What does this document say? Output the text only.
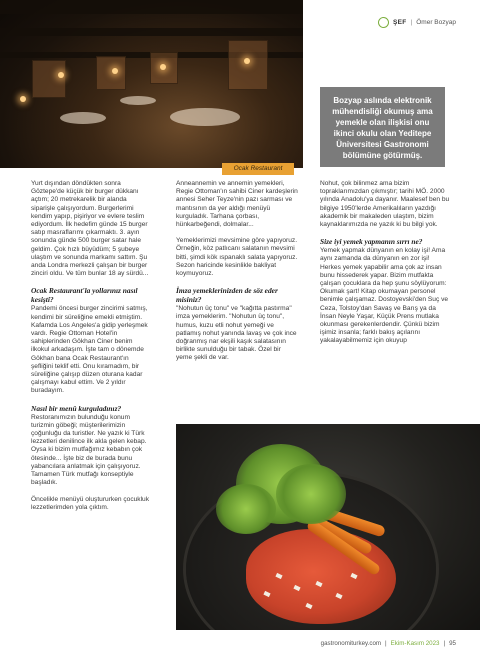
Ocak Restaurant
ŞEF | Ömer Bozyap
Bozyap aslında elektronik mühendisliği okumuş ama yemekle olan ilişkisi onu ikinci okulu olan Yeditepe Üniversitesi Gastronomi bölümüne götürmüş.

Yurt dışından döndükten sonra Göztepe'de küçük bir burger dükkanı açtım; 20 metrekarelik bir alanda siparişle çalışıyordum. Burgerlerimi kendim yapıp, pişiriyor ve evlere teslim ediyordum. İlk hedefim günde 15 burger satıp masraflarımı çıkarmaktı. 3. ayın sonunda günde 500 burger satar hale geldim. Çok hızlı büyüdüm; 5 şubeye ulaştım ve sonunda markamı sattım. Şu anda Londra merkezli çalışan bir burger zinciri oldu. Ve tüm bunlar 18 ay sürdü...

Ocak Restaurant'la yollarınız nasıl kesişti?

Pandemi öncesi burger zincirimi satmış, kendimi bir süreliğine emekli etmiştim. Kafamda Los Angeles'a gidip yerleşmek vardı. Regie Ottoman Hotel'in sahiplerinden Gökhan Ciner benim ilkokul arkadaşım. İşte tam o dönemde Gökhan bana Ocak Restaurant'ın şefliğini teklif etti. Onu kıramadım, bir süreliğine çalışıp düzen oturana kadar çalışmayı kabul ettim. Ve 2 yıldır buradayım.

Nasıl bir menü kurguladınız?

Restoranımızın bulunduğu konum turizmin göbeği; müşterilerimizin çoğunluğu da turistler. Ne yazık ki Türk lezzetleri denilince ilk akla gelen kebap. Oysa ki bizim mutfağımız kebabın çok ötesinde... İşte biz de burada bunu yabancılara anlatmak için çalışıyoruz. Tamamen Türk mutfağı konseptiyle başladık.

Öncelikle menüyü oluştururken çocukluk lezzetlerimden yola çıktım.

Anneannemin ve annemin yemekleri, Regie Ottoman'ın sahibi Ciner kardeşlerin annesi Seher Teyze'nin pazı sarması ve mantısının da yer aldığı menüyü kurguladık. Tarhana çorbası, hünkarbeğendi, dolmalar...

Yemeklerimizi mevsimine göre yapıyoruz. Örneğin, köz patlıcanı salatanın mevsimi bitti, şimdi kök ıspanaklı salata yapıyoruz. Sezon haricinde kesinlikle bakliyat koymuyoruz.

İmza yemeklerinizden de söz eder misiniz?

"Nohutun üç tonu" ve "kağıtta pastırma" imza yemeklerim. "Nohutun üç tonu", humus, kuzu etli nohut yemeği ve patlamış nohut yanında lavaş ve çok ince doğranmış nar ekşili kaşık salatasının birlikte sunulduğu bir tabak. Özel bir yeme şekli de var.

Nohut, çok bilinmez ama bizim topraklarımızdan çıkmıştır; tarihi MÖ. 2000 yılında Anadolu'ya dayanır. Maalesef ben bu bilgiye 1950'lerde Amerikalıların yazdığı akademik bir makaleden ulaştım, bizim kaynaklarımızda ne yazık ki bu bilgi yok.

Size iyi yemek yapmanın sırrı ne?

Yemek yapmak dünyanın en kolay işi! Ama aynı zamanda da dünyanın en zor işi! Herkes yemek yapabilir ama çok az insan bunu hissederek yapar. Bizim mutfakta çalışan çocuklara da hep şunu söylüyorum: Okumak şart! Kitap okumayan personel benimle çalışamaz. Dostoyevski'den Suç ve Ceza, Tolstoy'dan Savaş ve Barış ya da İnsan Neyle Yaşar, Küçük Prens mutlaka okunması gerekenlerdendir. Çünkü bizim işimiz insanla; farklı bakış açılarını yakalayabilmemiz için okuyup

gastronomiturkey.com | Ekim-Kasım 2023 | 95
